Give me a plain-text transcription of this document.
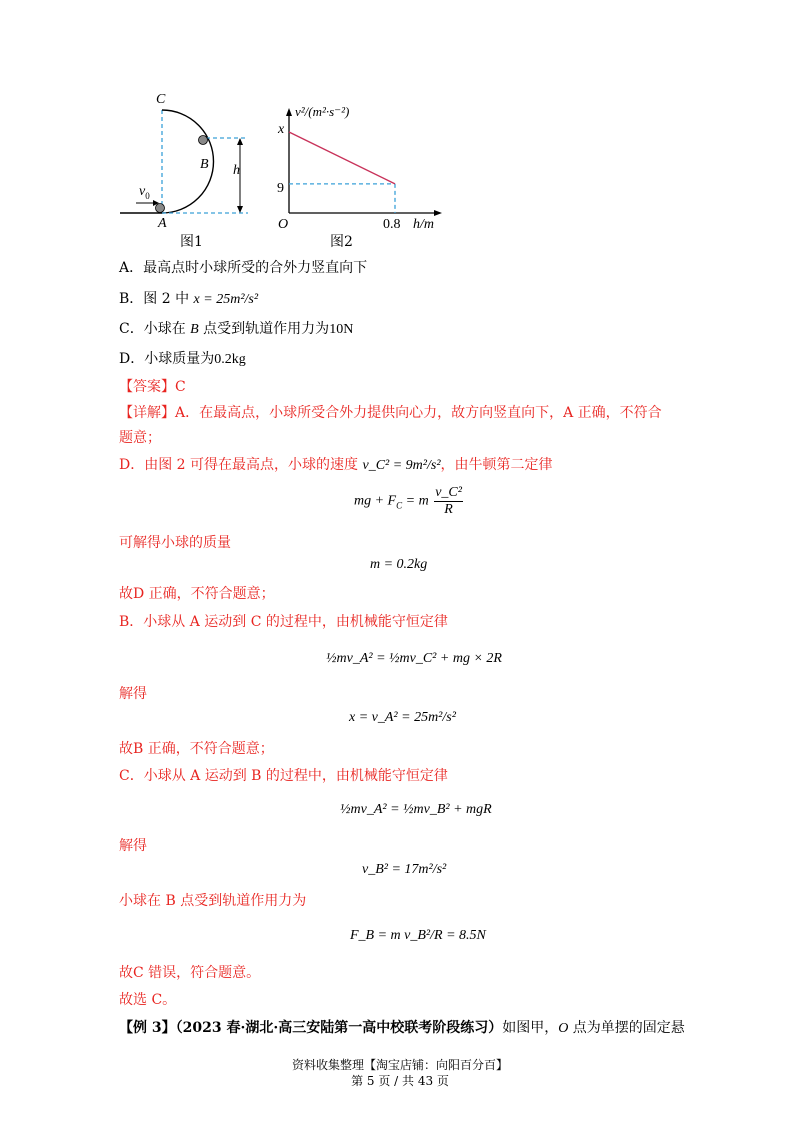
C
B h
$v_0$
A
图1
v²/(m²·s⁻²)
x
9
O	0.8 h/m
图2
A．最高点时小球所受的合外力竖直向下
B．图 2 中 x = 25m²/s²
C．小球在 B 点受到轨道作用力为10N
D．小球质量为0.2kg
【答案】C
【详解】A．在最高点，小球所受合外力提供向心力，故方向竖直向下，A 正确，不符合
题意；
D．由图 2 可得在最高点，小球的速度 v_C² = 9m²/s²，由牛顿第二定律
mg + $F_C = m \frac{\text{v\_C²}}{R}$
可解得小球的质量
m = 0.2kg
故D 正确，不符合题意；
B．小球从 A 运动到 C 的过程中，由机械能守恒定律
½mv_A² = ½mv_C² + mg × 2R
解得
x = v_A² = 25m²/s²
故B 正确，不符合题意；
C．小球从 A 运动到 B 的过程中，由机械能守恒定律
½mv_A² = ½mv_B² + mgR
解得
v_B² = 17m²/s²
小球在 B 点受到轨道作用力为
F_B = m v_B²/R = 8.5N
故C 错误，符合题意。
故选 C。
【例 3】（2023 春·湖北·高三安陆第一高中校联考阶段练习）如图甲，O 点为单摆的固定悬
资料收集整理【淘宝店铺：向阳百分百】
第 5 页 / 共 43 页
